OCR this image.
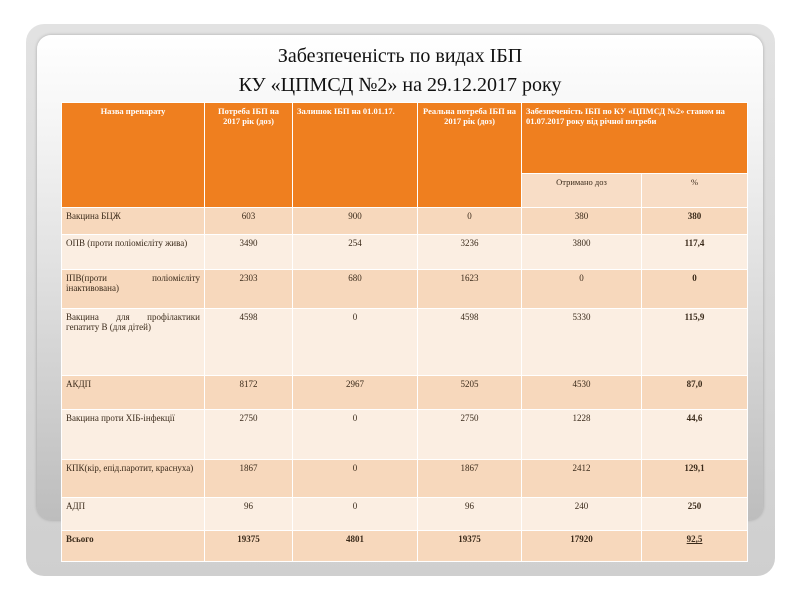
Забезпеченість по видах ІБП
КУ «ЦПМСД №2» на 29.12.2017 року
Назва препарату	Потреба ІБП на 2017 рік (доз)	Залишок ІБП на 01.01.17.	Реальна потреба ІБП на 2017 рік (доз)	Забезпеченість ІБП по КУ «ЦПМСД №2» станом на 01.07.2017 року від річної потреби	
				Отримано доз	%
Вакцина БЦЖ	603	900	0	380	380
ОПВ (проти поліомієліту жива)	3490	254	3236	3800	117,4
ІПВ(проти поліомієліту інактивована)	2303	680	1623	0	0
Вакцина для профілактики гепатиту В (для дітей)	4598	0	4598	5330	115,9
АКДП	8172	2967	5205	4530	87,0
Вакцина проти ХІБ-інфекції	2750	0	2750	1228	44,6
КПК(кір, епід.паротит, краснуха)	1867	0	1867	2412	129,1
АДП	96	0	96	240	250
Всього	19375	4801	19375	17920	92,5
